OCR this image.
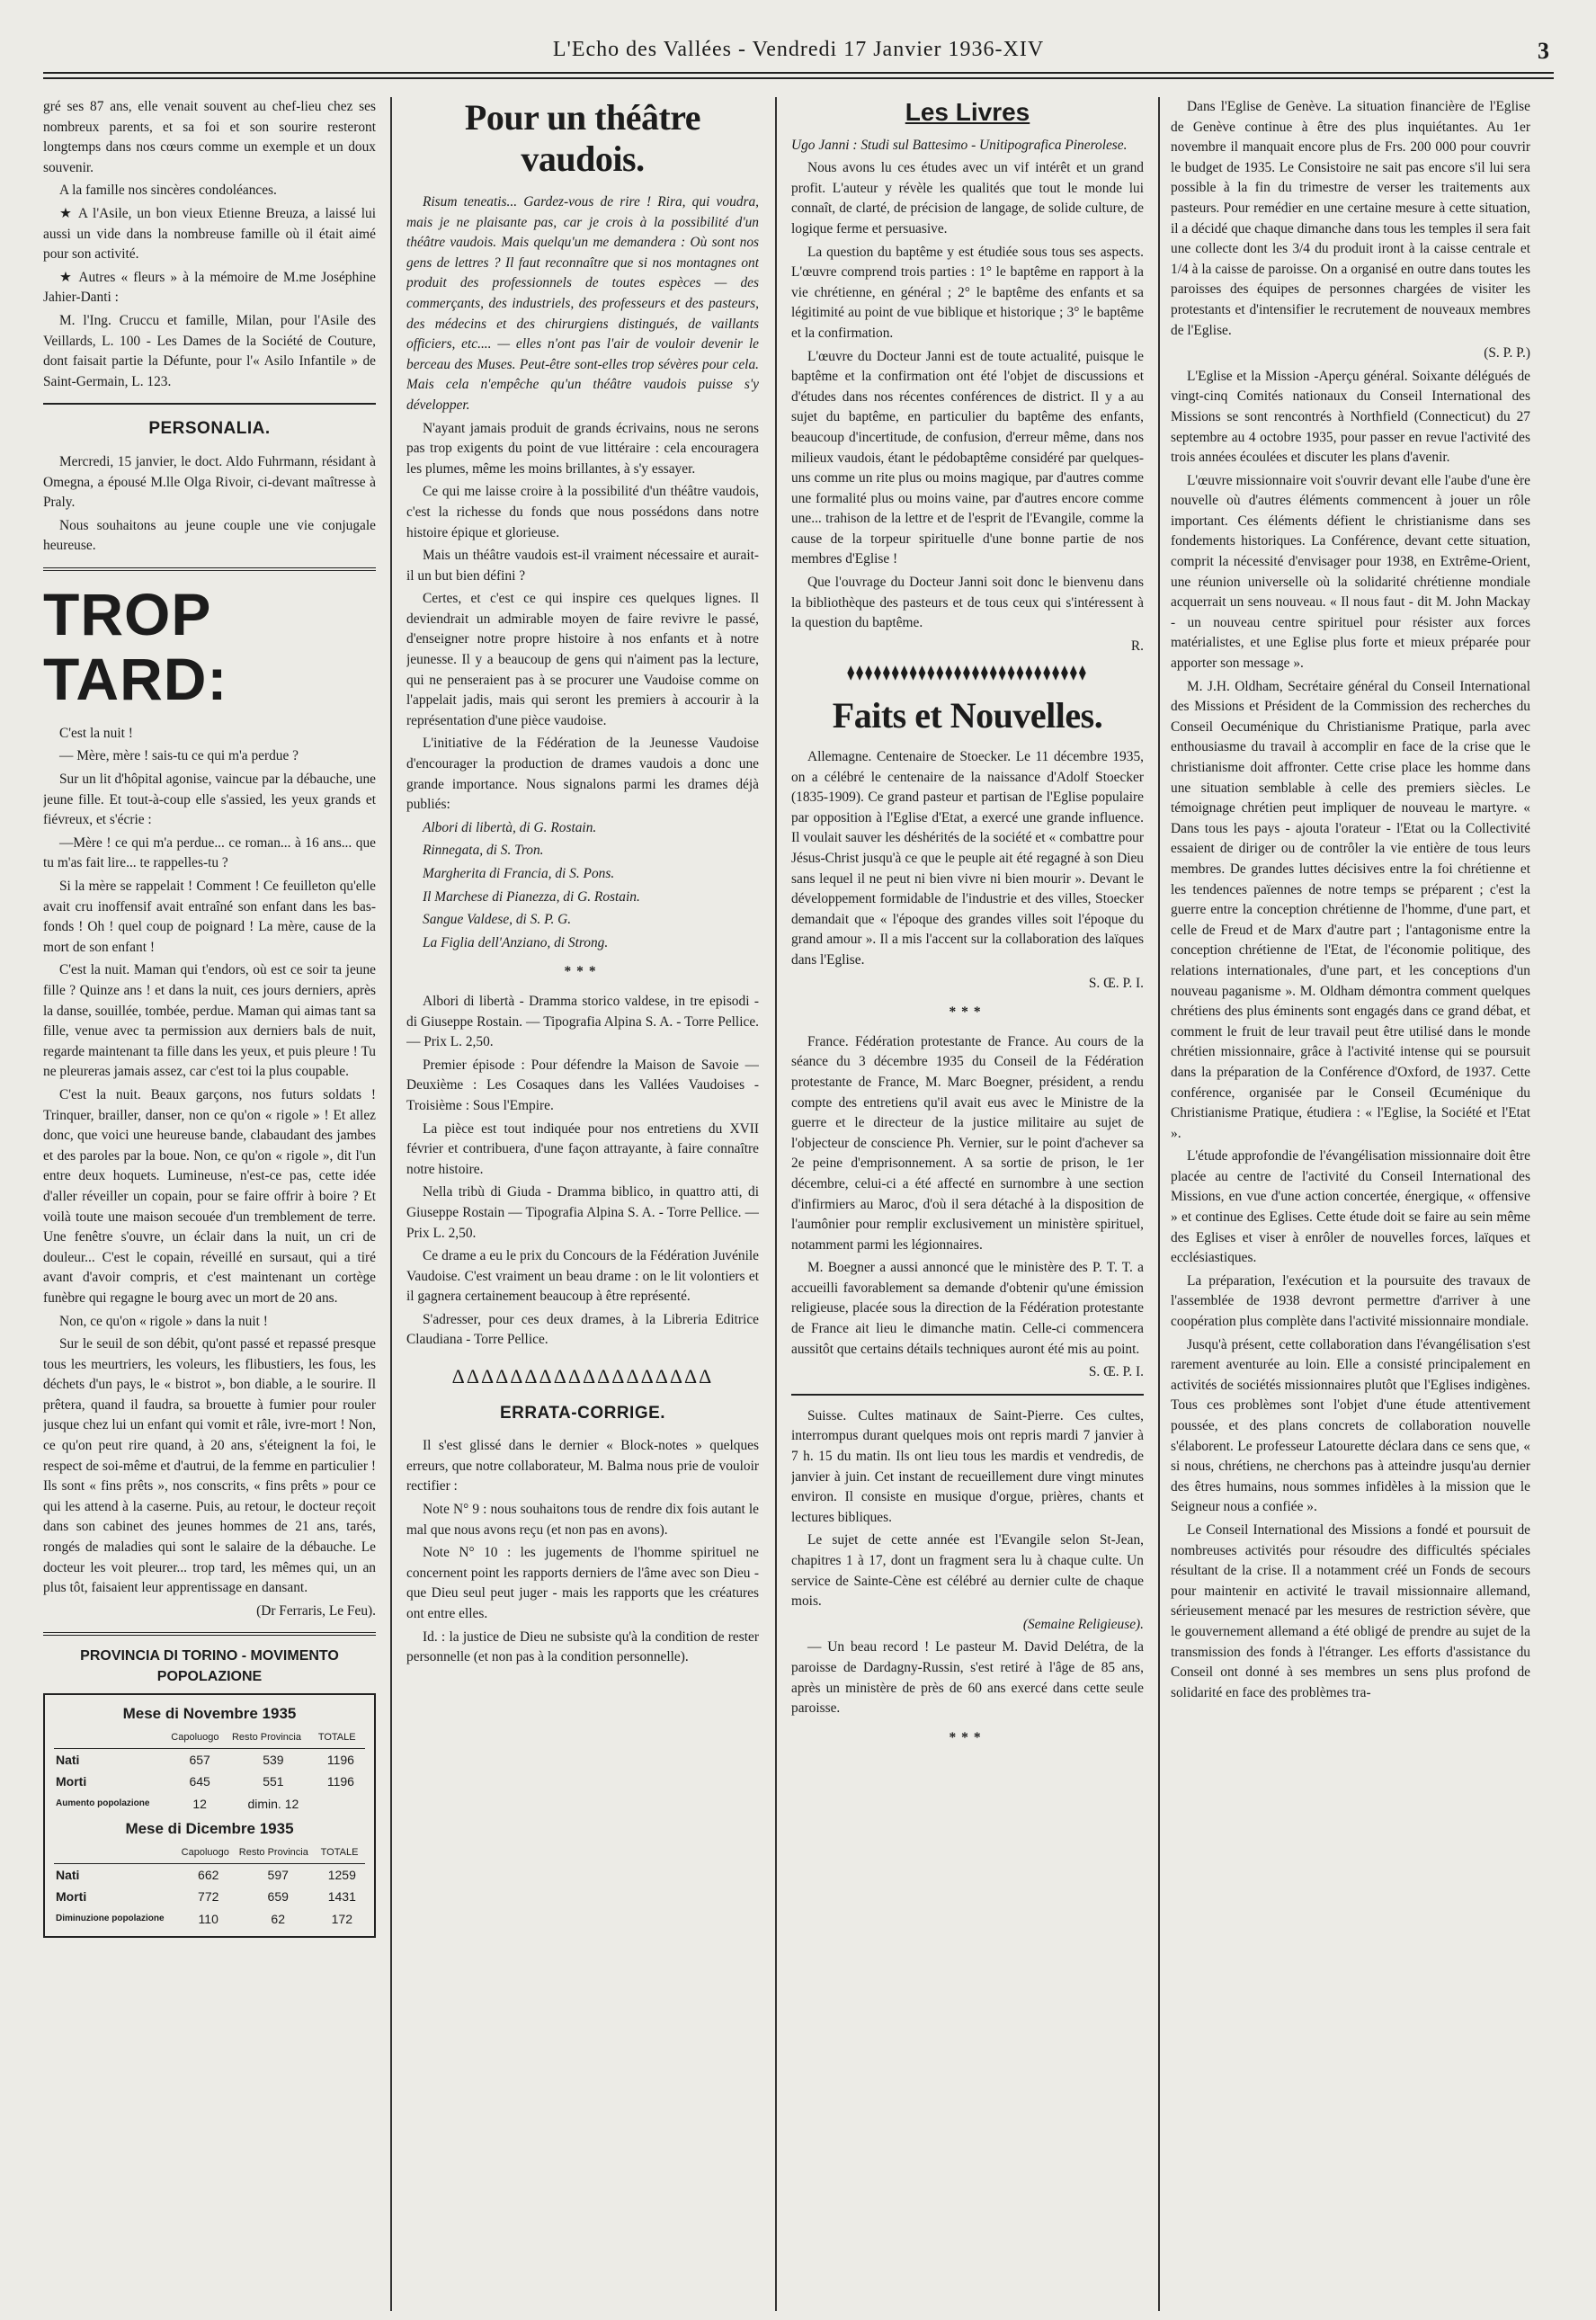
L'Echo des Vallées - Vendredi 17 Janvier 1936-XIV	3

gré ses 87 ans, elle venait souvent au chef-lieu chez ses nombreux parents, et sa foi et son sourire resteront longtemps dans nos cœurs comme un exemple et un doux souvenir.

A la famille nos sincères condoléances.

★ A l'Asile, un bon vieux Etienne Breuza, a laissé lui aussi un vide dans la nombreuse famille où il était aimé pour son activité.

★ Autres « fleurs » à la mémoire de M.me Joséphine Jahier-Danti :

M. l'Ing. Cruccu et famille, Milan, pour l'Asile des Veillards, L. 100 - Les Dames de la Société de Couture, dont faisait partie la Défunte, pour l'« Asilo Infantile » de Saint-Germain, L. 123.

PERSONALIA.

Mercredi, 15 janvier, le doct. Aldo Fuhrmann, résidant à Omegna, a épousé M.lle Olga Rivoir, ci-devant maîtresse à Praly.

Nous souhaitons au jeune couple une vie conjugale heureuse.

TROP TARD:

C'est la nuit !

— Mère, mère ! sais-tu ce qui m'a perdue ?

Sur un lit d'hôpital agonise, vaincue par la débauche, une jeune fille. Et tout-à-coup elle s'assied, les yeux grands et fiévreux, et s'écrie :

—Mère ! ce qui m'a perdue... ce roman... à 16 ans... que tu m'as fait lire... te rappelles-tu ?

Si la mère se rappelait ! Comment ! Ce feuilleton qu'elle avait cru inoffensif avait entraîné son enfant dans les bas-fonds ! Oh ! quel coup de poignard ! La mère, cause de la mort de son enfant !

C'est la nuit. Maman qui t'endors, où est ce soir ta jeune fille ? Quinze ans ! et dans la nuit, ces jours derniers, après la danse, souillée, tombée, perdue. Maman qui aimas tant sa fille, venue avec ta permission aux derniers bals de nuit, regarde maintenant ta fille dans les yeux, et puis pleure ! Tu ne pleureras jamais assez, car c'est toi la plus coupable.

C'est la nuit. Beaux garçons, nos futurs soldats ! Trinquer, brailler, danser, non ce qu'on « rigole » ! Et allez donc, que voici une heureuse bande, clabaudant des jambes et des paroles par la boue. Non, ce qu'on « rigole », dit l'un entre deux hoquets. Lumineuse, n'est-ce pas, cette idée d'aller réveiller un copain, pour se faire offrir à boire ? Et voilà toute une maison secouée d'un tremblement de terre. Une fenêtre s'ouvre, un éclair dans la nuit, un cri de douleur... C'est le copain, réveillé en sursaut, qui a tiré avant d'avoir compris, et c'est maintenant un cortège funèbre qui regagne le bourg avec un mort de 20 ans.

Non, ce qu'on « rigole » dans la nuit !

Sur le seuil de son débit, qu'ont passé et repassé presque tous les meurtriers, les voleurs, les flibustiers, les fous, les déchets d'un pays, le « bistrot », bon diable, a le sourire. Il prêtera, quand il faudra, sa brouette à fumier pour rouler jusque chez lui un enfant qui vomit et râle, ivre-mort ! Non, ce qu'on peut rire quand, à 20 ans, s'éteignent la foi, le respect de soi-même et d'autrui, de la femme en particulier ! Ils sont « fins prêts », nos conscrits, « fins prêts » pour ce qui les attend à la caserne. Puis, au retour, le docteur reçoit dans son cabinet des jeunes hommes de 21 ans, tarés, rongés de maladies qui sont le salaire de la débauche. Le docteur les voit pleurer... trop tard, les mêmes qui, un an plus tôt, faisaient leur apprentissage en dansant.

(Dr Ferraris, Le Feu).

PROVINCIA DI TORINO - MOVIMENTO POPOLAZIONE
Mese di Novembre 1935
	Capoluogo	Resto Provincia	TOTALE
Nati	657	539	1196
Morti	645	551	1196
Aumento popolazione	12	dimin. 12	
Mese di Dicembre 1935
	Capoluogo	Resto Provincia	TOTALE
Nati	662	597	1259
Morti	772	659	1431
Diminuzione popolazione	110	62	172
Pour un théâtre vaudois.

Risum teneatis... Gardez-vous de rire ! Rira, qui voudra, mais je ne plaisante pas, car je crois à la possibilité d'un théâtre vaudois. Mais quelqu'un me demandera : Où sont nos gens de lettres ? Il faut reconnaître que si nos montagnes ont produit des professionnels de toutes espèces — des commerçants, des industriels, des professeurs et des pasteurs, des médecins et des chirurgiens distingués, de vaillants officiers, etc.... — elles n'ont pas l'air de vouloir devenir le berceau des Muses. Peut-être sont-elles trop sévères pour cela. Mais cela n'empêche qu'un théâtre vaudois puisse s'y développer.

N'ayant jamais produit de grands écrivains, nous ne serons pas trop exigents du point de vue littéraire : cela encouragera les plumes, même les moins brillantes, à s'y essayer.

Ce qui me laisse croire à la possibilité d'un théâtre vaudois, c'est la richesse du fonds que nous possédons dans notre histoire épique et glorieuse.

Mais un théâtre vaudois est-il vraiment nécessaire et aurait-il un but bien défini ?

Certes, et c'est ce qui inspire ces quelques lignes. Il deviendrait un admirable moyen de faire revivre le passé, d'enseigner notre propre histoire à nos enfants et à notre jeunesse. Il y a beaucoup de gens qui n'aiment pas la lecture, qui ne penseraient pas à se procurer une Vaudoise comme on l'appelait jadis, mais qui seront les premiers à accourir à la représentation d'une pièce vaudoise.

L'initiative de la Fédération de la Jeunesse Vaudoise d'encourager la production de drames vaudois a donc une grande importance. Nous signalons parmi les drames déjà publiés:

Albori di libertà, di G. Rostain.

Rinnegata, di S. Tron.

Margherita di Francia, di S. Pons.

Il Marchese di Pianezza, di G. Rostain.

Sangue Valdese, di S. P. G.

La Figlia dell'Anziano, di Strong.

***

Albori di libertà - Dramma storico valdese, in tre episodi - di Giuseppe Rostain. — Tipografia Alpina S. A. - Torre Pellice. — Prix L. 2,50.

Premier épisode : Pour défendre la Maison de Savoie — Deuxième : Les Cosaques dans les Vallées Vaudoises - Troisième : Sous l'Empire.

La pièce est tout indiquée pour nos entretiens du XVII février et contribuera, d'une façon attrayante, à faire connaître notre histoire.

Nella tribù di Giuda - Dramma biblico, in quattro atti, di Giuseppe Rostain — Tipografia Alpina S. A. - Torre Pellice. — Prix L. 2,50.

Ce drame a eu le prix du Concours de la Fédération Juvénile Vaudoise. C'est vraiment un beau drame : on le lit volontiers et il gagnera certainement beaucoup à être représenté.

S'adresser, pour ces deux drames, à la Libreria Editrice Claudiana - Torre Pellice.

ΔΔΔΔΔΔΔΔΔΔΔΔΔΔΔΔΔΔ
ERRATA-CORRIGE.

Il s'est glissé dans le dernier « Block-notes » quelques erreurs, que notre collaborateur, M. Balma nous prie de vouloir rectifier :

Note N° 9 : nous souhaitons tous de rendre dix fois autant le mal que nous avons reçu (et non pas en avons).

Note N° 10 : les jugements de l'homme spirituel ne concernent point les rapports derniers de l'âme avec son Dieu - que Dieu seul peut juger - mais les rapports que les créatures ont entre elles.

Id. : la justice de Dieu ne subsiste qu'à la condition de rester personnelle (et non pas à la condition personnelle).

Les Livres

Ugo Janni : Studi sul Battesimo - Unitipografica Pinerolese.

Nous avons lu ces études avec un vif intérêt et un grand profit. L'auteur y révèle les qualités que tout le monde lui connaît, de clarté, de précision de langage, de solide culture, de logique ferme et persuasive.

La question du baptême y est étudiée sous tous ses aspects. L'œuvre comprend trois parties : 1° le baptême en rapport à la vie chrétienne, en général ; 2° le baptême des enfants et sa légitimité au point de vue biblique et historique ; 3° le baptême et la confirmation.

L'œuvre du Docteur Janni est de toute actualité, puisque le baptême et la confirmation ont été l'objet de discussions et d'études dans nos récentes conférences de district. Il y a au sujet du baptême, en particulier du baptême des enfants, beaucoup d'incertitude, de confusion, d'erreur même, dans nos milieux vaudois, étant le pédobaptême considéré par quelques-uns comme un rite plus ou moins magique, par d'autres comme une formalité plus ou moins vaine, par d'autres encore comme une... trahison de la lettre et de l'esprit de l'Evangile, comme la cause de la torpeur spirituelle d'une bonne partie de nos membres d'Eglise !

Que l'ouvrage du Docteur Janni soit donc le bienvenu dans la bibliothèque des pasteurs et de tous ceux qui s'intéressent à la question du baptême.

R.

⧫⧫⧫⧫⧫⧫⧫⧫⧫⧫⧫⧫⧫⧫⧫⧫⧫⧫⧫⧫⧫⧫⧫⧫⧫⧫⧫
Faits et Nouvelles.

Allemagne. Centenaire de Stoecker. Le 11 décembre 1935, on a célébré le centenaire de la naissance d'Adolf Stoecker (1835-1909). Ce grand pasteur et partisan de l'Eglise populaire par opposition à l'Eglise d'Etat, a exercé une grande influence. Il voulait sauver les déshérités de la société et « combattre pour Jésus-Christ jusqu'à ce que le peuple ait été regagné à son Dieu sans lequel il ne peut ni bien vivre ni bien mourir ». Devant le développement formidable de l'industrie et des villes, Stoecker demandait que « l'époque des grandes villes soit l'époque du grand amour ». Il a mis l'accent sur la collaboration des laïques dans l'Eglise.

S. Œ. P. I.

***

France. Fédération protestante de France. Au cours de la séance du 3 décembre 1935 du Conseil de la Fédération protestante de France, M. Marc Boegner, président, a rendu compte des entretiens qu'il avait eus avec le Ministre de la guerre et le directeur de la justice militaire au sujet de l'objecteur de conscience Ph. Vernier, sur le point d'achever sa 2e peine d'emprisonnement. A sa sortie de prison, le 1er décembre, celui-ci a été affecté en surnombre à une section d'infirmiers au Maroc, d'où il sera détaché à la disposition de l'aumônier pour remplir exclusivement un ministère spirituel, notamment parmi les légionnaires.

M. Boegner a aussi annoncé que le ministère des P. T. T. a accueilli favorablement sa demande d'obtenir qu'une émission religieuse, placée sous la direction de la Fédération protestante de France ait lieu le dimanche matin. Celle-ci commencera aussitôt que certains détails techniques auront été mis au point.

S. Œ. P. I.

Suisse. Cultes matinaux de Saint-Pierre. Ces cultes, interrompus durant quelques mois ont repris mardi 7 janvier à 7 h. 15 du matin. Ils ont lieu tous les mardis et vendredis, de janvier à juin. Cet instant de recueillement dure vingt minutes environ. Il consiste en musique d'orgue, prières, chants et lectures bibliques.

Le sujet de cette année est l'Evangile selon St-Jean, chapitres 1 à 17, dont un fragment sera lu à chaque culte. Un service de Sainte-Cène est célébré au dernier culte de chaque mois.

(Semaine Religieuse).

— Un beau record ! Le pasteur M. David Delétra, de la paroisse de Dardagny-Russin, s'est retiré à l'âge de 85 ans, après un ministère de près de 60 ans exercé dans cette seule paroisse.

***

Dans l'Eglise de Genève. La situation financière de l'Eglise de Genève continue à être des plus inquiétantes. Au 1er novembre il manquait encore plus de Frs. 200 000 pour couvrir le budget de 1935. Le Consistoire ne sait pas encore s'il lui sera possible à la fin du trimestre de verser les traitements aux pasteurs. Pour remédier en une certaine mesure à cette situation, il a décidé que chaque dimanche dans tous les temples il sera fait une collecte dont les 3/4 du produit iront à la caisse centrale et 1/4 à la caisse de paroisse. On a organisé en outre dans toutes les paroisses des équipes de personnes chargées de visiter les protestants et d'intensifier le recrutement de nouveaux membres de l'Eglise.

(S. P. P.)

L'Eglise et la Mission -Aperçu général. Soixante délégués de vingt-cinq Comités nationaux du Conseil International des Missions se sont rencontrés à Northfield (Connecticut) du 27 septembre au 4 octobre 1935, pour passer en revue l'activité des trois années écoulées et discuter les plans d'avenir.

L'œuvre missionnaire voit s'ouvrir devant elle l'aube d'une ère nouvelle où d'autres éléments commencent à jouer un rôle important. Ces éléments défient le christianisme dans ses fondements historiques. La Conférence, devant cette situation, comprit la nécessité d'envisager pour 1938, en Extrême-Orient, une réunion universelle où la solidarité chrétienne mondiale acquerrait un sens nouveau. « Il nous faut - dit M. John Mackay - un nouveau centre spirituel pour résister aux forces matérialistes, et une Eglise plus forte et mieux préparée pour apporter son message ».

M. J.H. Oldham, Secrétaire général du Conseil International des Missions et Président de la Commission des recherches du Conseil Oecuménique du Christianisme Pratique, parla avec enthousiasme du travail à accomplir en face de la crise que le christianisme doit affronter. Cette crise place les homme dans une situation semblable à celle des premiers siècles. Le témoignage chrétien peut impliquer de nouveau le martyre. « Dans tous les pays - ajouta l'orateur - l'Etat ou la Collectivité essaient de diriger ou de contrôler la vie entière de tous leurs membres. De grandes luttes décisives entre la foi chrétienne et les tendences païennes de notre temps se préparent ; c'est la guerre entre la conception chrétienne de l'homme, d'une part, et celle de Freud et de Marx d'autre part ; l'antagonisme entre la conception chrétienne de l'Etat, de l'économie politique, des relations internationales, d'une part, et les conceptions d'un nouveau paganisme ». M. Oldham démontra comment quelques chrétiens des plus éminents sont engagés dans ce grand débat, et comment le fruit de leur travail peut être utilisé dans le monde chrétien missionnaire, grâce à l'activité intense qui se poursuit dans la préparation de la Conférence d'Oxford, de 1937. Cette conférence, organisée par le Conseil Œcuménique du Christianisme Pratique, étudiera : « l'Eglise, la Société et l'Etat ».

L'étude approfondie de l'évangélisation missionnaire doit être placée au centre de l'activité du Conseil International des Missions, en vue d'une action concertée, énergique, « offensive » et continue des Eglises. Cette étude doit se faire au sein même des Eglises et viser à enrôler de nouvelles forces, laïques et ecclésiastiques.

La préparation, l'exécution et la poursuite des travaux de l'assemblée de 1938 devront permettre d'arriver à une coopération plus complète dans l'activité missionnaire mondiale.

Jusqu'à présent, cette collaboration dans l'évangélisation s'est rarement aventurée au loin. Elle a consisté principalement en activités de sociétés missionnaires plutôt que l'Eglises indigènes. Tous ces problèmes sont l'objet d'une étude attentivement poussée, et des plans concrets de collaboration nouvelle s'élaborent. Le professeur Latourette déclara dans ce sens que, « si nous, chrétiens, ne cherchons pas à atteindre jusqu'au dernier des êtres humains, nous sommes infidèles à la mission que le Seigneur nous a confiée ».

Le Conseil International des Missions a fondé et poursuit de nombreuses activités pour résoudre des difficultés spéciales résultant de la crise. Il a notamment créé un Fonds de secours pour maintenir en activité le travail missionnaire allemand, sérieusement menacé par les mesures de restriction sévère, que le gouvernement allemand a été obligé de prendre au sujet de la transmission des fonds à l'étranger. Les efforts d'assistance du Conseil ont donné à ses membres un sens plus profond de solidarité en face des problèmes tra-
